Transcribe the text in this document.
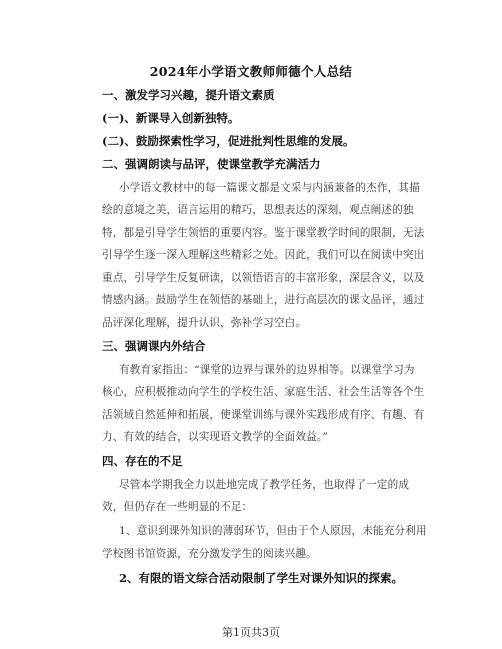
2024年小学语文教师师德个人总结
一、激发学习兴趣，提升语文素质
(一)、新课导入创新独特。
(二)、鼓励探索性学习，促进批判性思维的发展。
二、强调朗读与品评，使课堂教学充满活力
小学语文教材中的每一篇课文都是文采与内涵兼备的杰作，其描
绘的意境之美，语言运用的精巧，思想表达的深刻，观点阐述的独
特，都是引导学生领悟的重要内容。鉴于课堂教学时间的限制，无法
引导学生逐一深入理解这些精彩之处。因此，我们可以在阅读中突出
重点，引导学生反复研读，以领悟语言的丰富形象，深层含义，以及
情感内涵。鼓励学生在领悟的基础上，进行高层次的课文品评，通过
品评深化理解，提升认识，弥补学习空白。
三、强调课内外结合
有教育家指出：“课堂的边界与课外的边界相等。以课堂学习为
核心，应积极推动向学生的学校生活、家庭生活、社会生活等各个生
活领域自然延伸和拓展，使课堂训练与课外实践形成有序、有趣、有
力、有效的结合，以实现语文教学的全面效益。”
四、存在的不足
尽管本学期我全力以赴地完成了教学任务，也取得了一定的成
效，但仍存在一些明显的不足：
1、意识到课外知识的薄弱环节，但由于个人原因，未能充分利用
学校图书馆资源，充分激发学生的阅读兴趣。
2、有限的语文综合活动限制了学生对课外知识的探索。
第1页共3页
